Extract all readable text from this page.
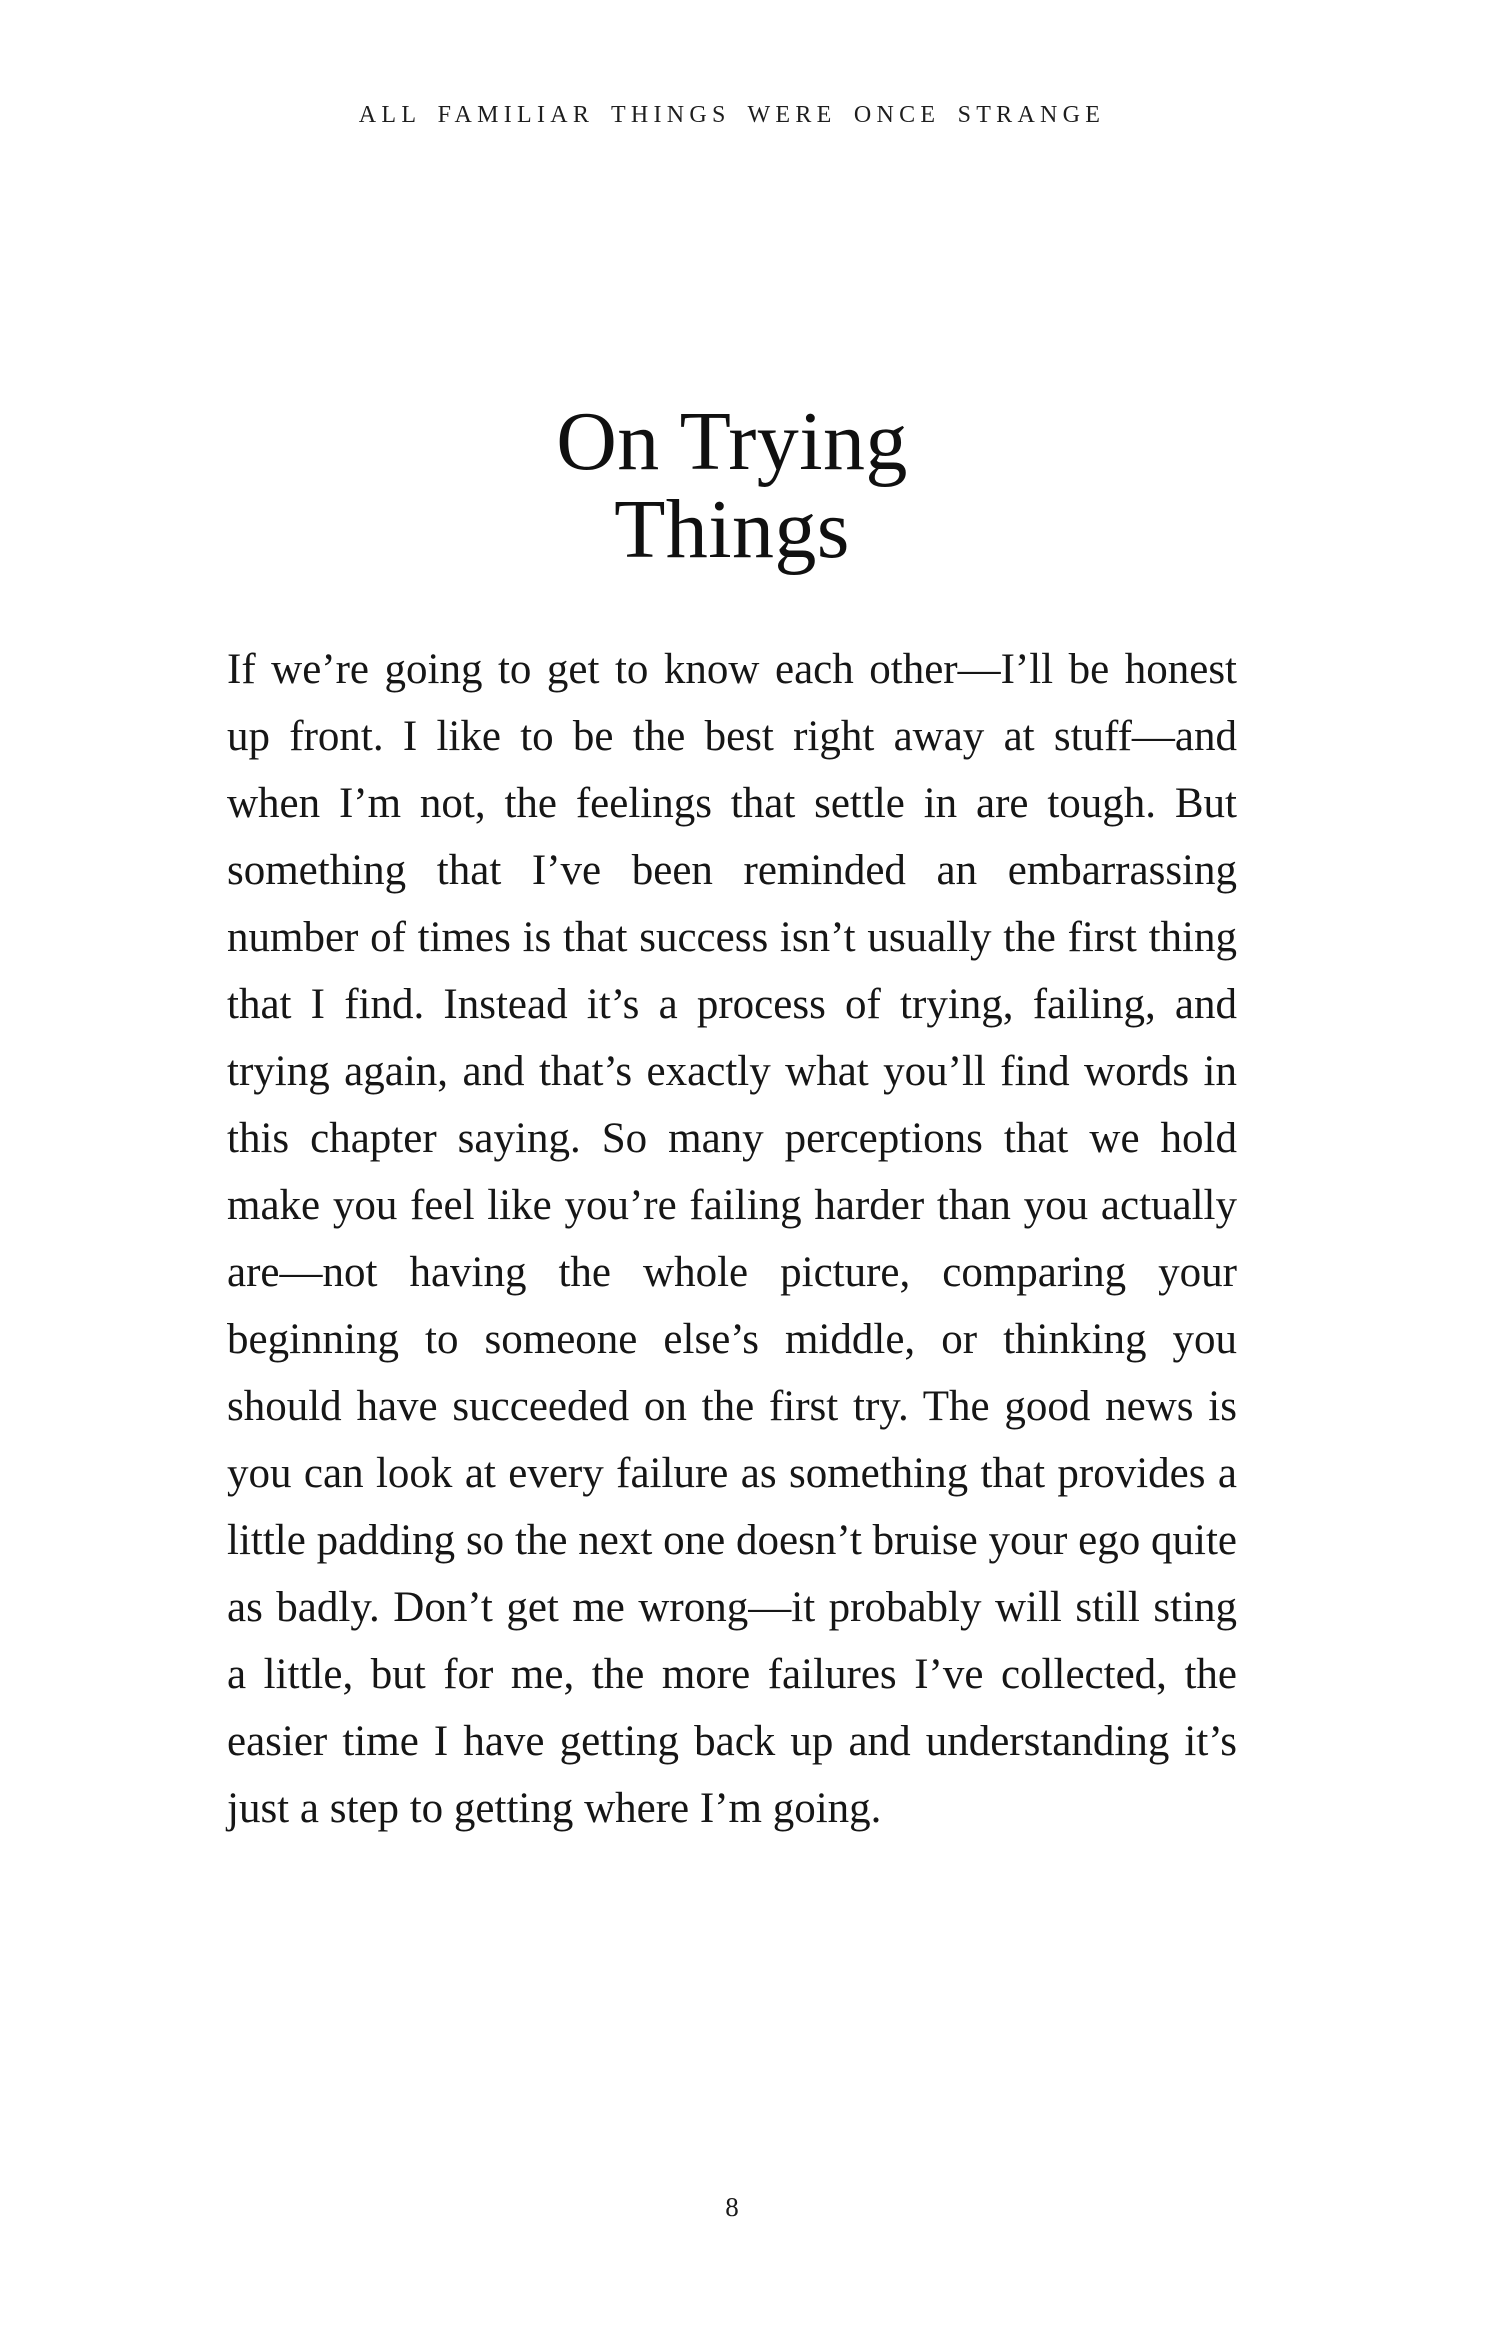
ALL FAMILIAR THINGS WERE ONCE STRANGE
On Trying
Things

If we’re going to get to know each other—I’ll be honest up front. I like to be the best right away at stuff—and when I’m not, the feelings that settle in are tough. But something that I’ve been reminded an embarrassing number of times is that success isn’t usually the first thing that I find. Instead it’s a process of trying, failing, and trying again, and that’s exactly what you’ll find words in this chapter saying. So many perceptions that we hold make you feel like you’re failing harder than you actually are—not having the whole picture, comparing your beginning to someone else’s middle, or thinking you should have succeeded on the first try. The good news is you can look at every failure as something that provides a little padding so the next one doesn’t bruise your ego quite as badly. Don’t get me wrong—it probably will still sting a little, but for me, the more failures I’ve collected, the easier time I have getting back up and understanding it’s just a step to getting where I’m going.

8
